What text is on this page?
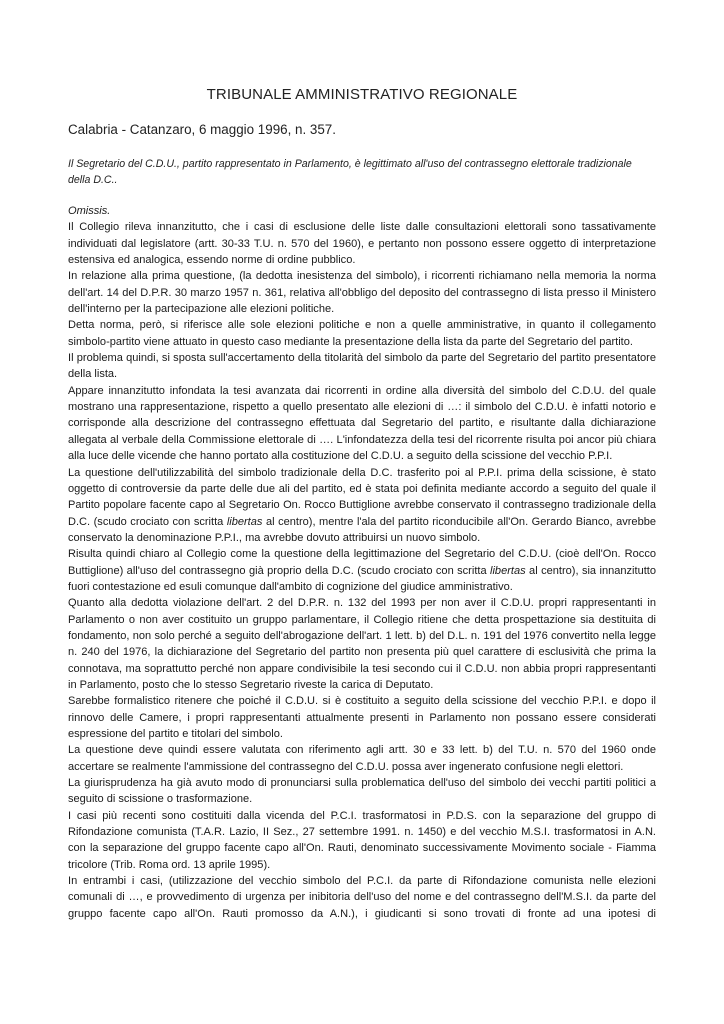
TRIBUNALE AMMINISTRATIVO REGIONALE
Calabria - Catanzaro, 6 maggio 1996, n. 357.
Il Segretario del C.D.U., partito rappresentato in Parlamento, è legittimato all'uso del contrassegno elettorale tradizionale della D.C..

Omissis.

Il Collegio rileva innanzitutto, che i casi di esclusione delle liste dalle consultazioni elettorali sono tassativamente individuati dal legislatore (artt. 30-33 T.U. n. 570 del 1960), e pertanto non possono essere oggetto di interpretazione estensiva ed analogica, essendo norme di ordine pubblico.

In relazione alla prima questione, (la dedotta inesistenza del simbolo), i ricorrenti richiamano nella memoria la norma dell'art. 14 del D.P.R. 30 marzo 1957 n. 361, relativa all'obbligo del deposito del contrassegno di lista presso il Ministero dell'interno per la partecipazione alle elezioni politiche.

Detta norma, però, si riferisce alle sole elezioni politiche e non a quelle amministrative, in quanto il collegamento simbolo-partito viene attuato in questo caso mediante la presentazione della lista da parte del Segretario del partito.

Il problema quindi, si sposta sull'accertamento della titolarità del simbolo da parte del Segretario del partito presentatore della lista.

Appare innanzitutto infondata la tesi avanzata dai ricorrenti in ordine alla diversità del simbolo del C.D.U. del quale mostrano una rappresentazione, rispetto a quello presentato alle elezioni di …: il simbolo del C.D.U. è infatti notorio e corrisponde alla descrizione del contrassegno effettuata dal Segretario del partito, e risultante dalla dichiarazione allegata al verbale della Commissione elettorale di …. L'infondatezza della tesi del ricorrente risulta poi ancor più chiara alla luce delle vicende che hanno portato alla costituzione del C.D.U. a seguito della scissione del vecchio P.P.I.

La questione dell'utilizzabilità del simbolo tradizionale della D.C. trasferito poi al P.P.I. prima della scissione, è stato oggetto di controversie da parte delle due ali del partito, ed è stata poi definita mediante accordo a seguito del quale il Partito popolare facente capo al Segretario On. Rocco Buttiglione avrebbe conservato il contrassegno tradizionale della D.C. (scudo crociato con scritta libertas al centro), mentre l'ala del partito riconducibile all'On. Gerardo Bianco, avrebbe conservato la denominazione P.P.I., ma avrebbe dovuto attribuirsi un nuovo simbolo.

Risulta quindi chiaro al Collegio come la questione della legittimazione del Segretario del C.D.U. (cioè dell'On. Rocco Buttiglione) all'uso del contrassegno già proprio della D.C. (scudo crociato con scritta libertas al centro), sia innanzitutto fuori contestazione ed esuli comunque dall'ambito di cognizione del giudice amministrativo.

Quanto alla dedotta violazione dell'art. 2 del D.P.R. n. 132 del 1993 per non aver il C.D.U. propri rappresentanti in Parlamento o non aver costituito un gruppo parlamentare, il Collegio ritiene che detta prospettazione sia destituita di fondamento, non solo perché a seguito dell'abrogazione dell'art. 1 lett. b) del D.L. n. 191 del 1976 convertito nella legge n. 240 del 1976, la dichiarazione del Segretario del partito non presenta più quel carattere di esclusività che prima la connotava, ma soprattutto perché non appare condivisibile la tesi secondo cui il C.D.U. non abbia propri rappresentanti in Parlamento, posto che lo stesso Segretario riveste la carica di Deputato.

Sarebbe formalistico ritenere che poiché il C.D.U. si è costituito a seguito della scissione del vecchio P.P.I. e dopo il rinnovo delle Camere, i propri rappresentanti attualmente presenti in Parlamento non possano essere considerati espressione del partito e titolari del simbolo.

La questione deve quindi essere valutata con riferimento agli artt. 30 e 33 lett. b) del T.U. n. 570 del 1960 onde accertare se realmente l'ammissione del contrassegno del C.D.U. possa aver ingenerato confusione negli elettori.

La giurisprudenza ha già avuto modo di pronunciarsi sulla problematica dell'uso del simbolo dei vecchi partiti politici a seguito di scissione o trasformazione.

I casi più recenti sono costituiti dalla vicenda del P.C.I. trasformatosi in P.D.S. con la separazione del gruppo di Rifondazione comunista (T.A.R. Lazio, II Sez., 27 settembre 1991. n. 1450) e del vecchio M.S.I. trasformatosi in A.N. con la separazione del gruppo facente capo all'On. Rauti, denominato successivamente Movimento sociale - Fiamma tricolore (Trib. Roma ord. 13 aprile 1995).

In entrambi i casi, (utilizzazione del vecchio simbolo del P.C.I. da parte di Rifondazione comunista nelle elezioni comunali di …, e provvedimento di urgenza per inibitoria dell'uso del nome e del contrassegno dell'M.S.I. da parte del gruppo facente capo all'On. Rauti promosso da A.N.), i giudicanti si sono trovati di fronte ad una ipotesi di
